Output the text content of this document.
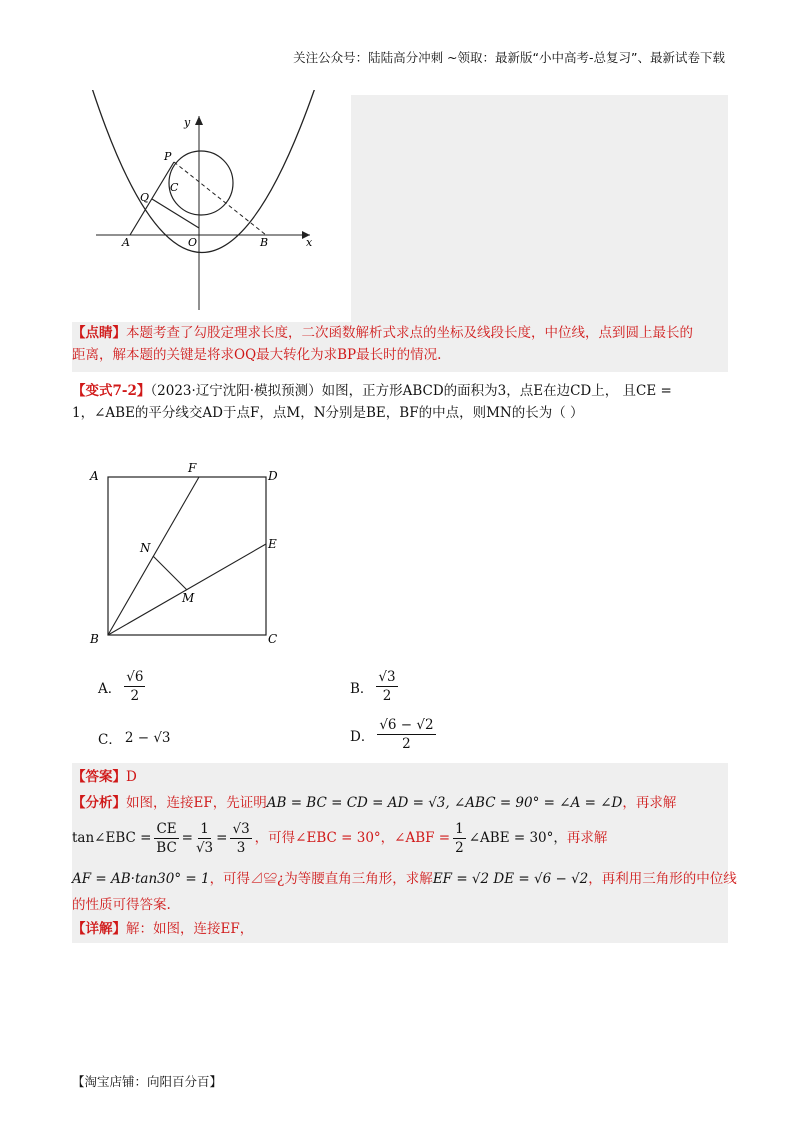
关注公众号：陆陆高分冲刺 ~领取：最新版“小中高考-总复习”、最新试卷下载
y
P
C
Q
A	O	B	x
【点睛】本题考查了勾股定理求长度，二次函数解析式求点的坐标及线段长度，中位线，点到圆上最长的
距离，解本题的关键是将求OQ最大转化为求BP最长时的情况.
【变式7-2】（2023·辽宁沈阳·模拟预测）如图，正方形ABCD的面积为3，点E在边CD上， 且CE =
1，∠ABE的平分线交AD于点F，点M，N分别是BE，BF的中点，则MN的长为（ ）
A
F
D
N	E
M
B	C
A． $\frac{√6}{2}$	B． $\frac{√3}{2}$
C． 2 − √3	D． $\frac{√6 - √2}{2}$
【答案】D
【分析】如图，连接EF，先证明AB = BC = CD = AD = √3, ∠ABC = 90° = ∠A = ∠D，再求解
tan∠EBC = $\frac{CE}{BC} = \frac{1}{√3} = \frac{√3}{3}$ ，可得∠EBC = 30°，∠ABF = $\frac{1}{2}$ ∠ABE = 30°， 再求解
AF = AB·tan30° = 1，可得⊿≌¿为等腰直角三角形，求解EF = √2 DE = √6 − √2，再利用三角形的中位线
的性质可得答案.
【详解】解：如图，连接EF，
【淘宝店铺：向阳百分百】
